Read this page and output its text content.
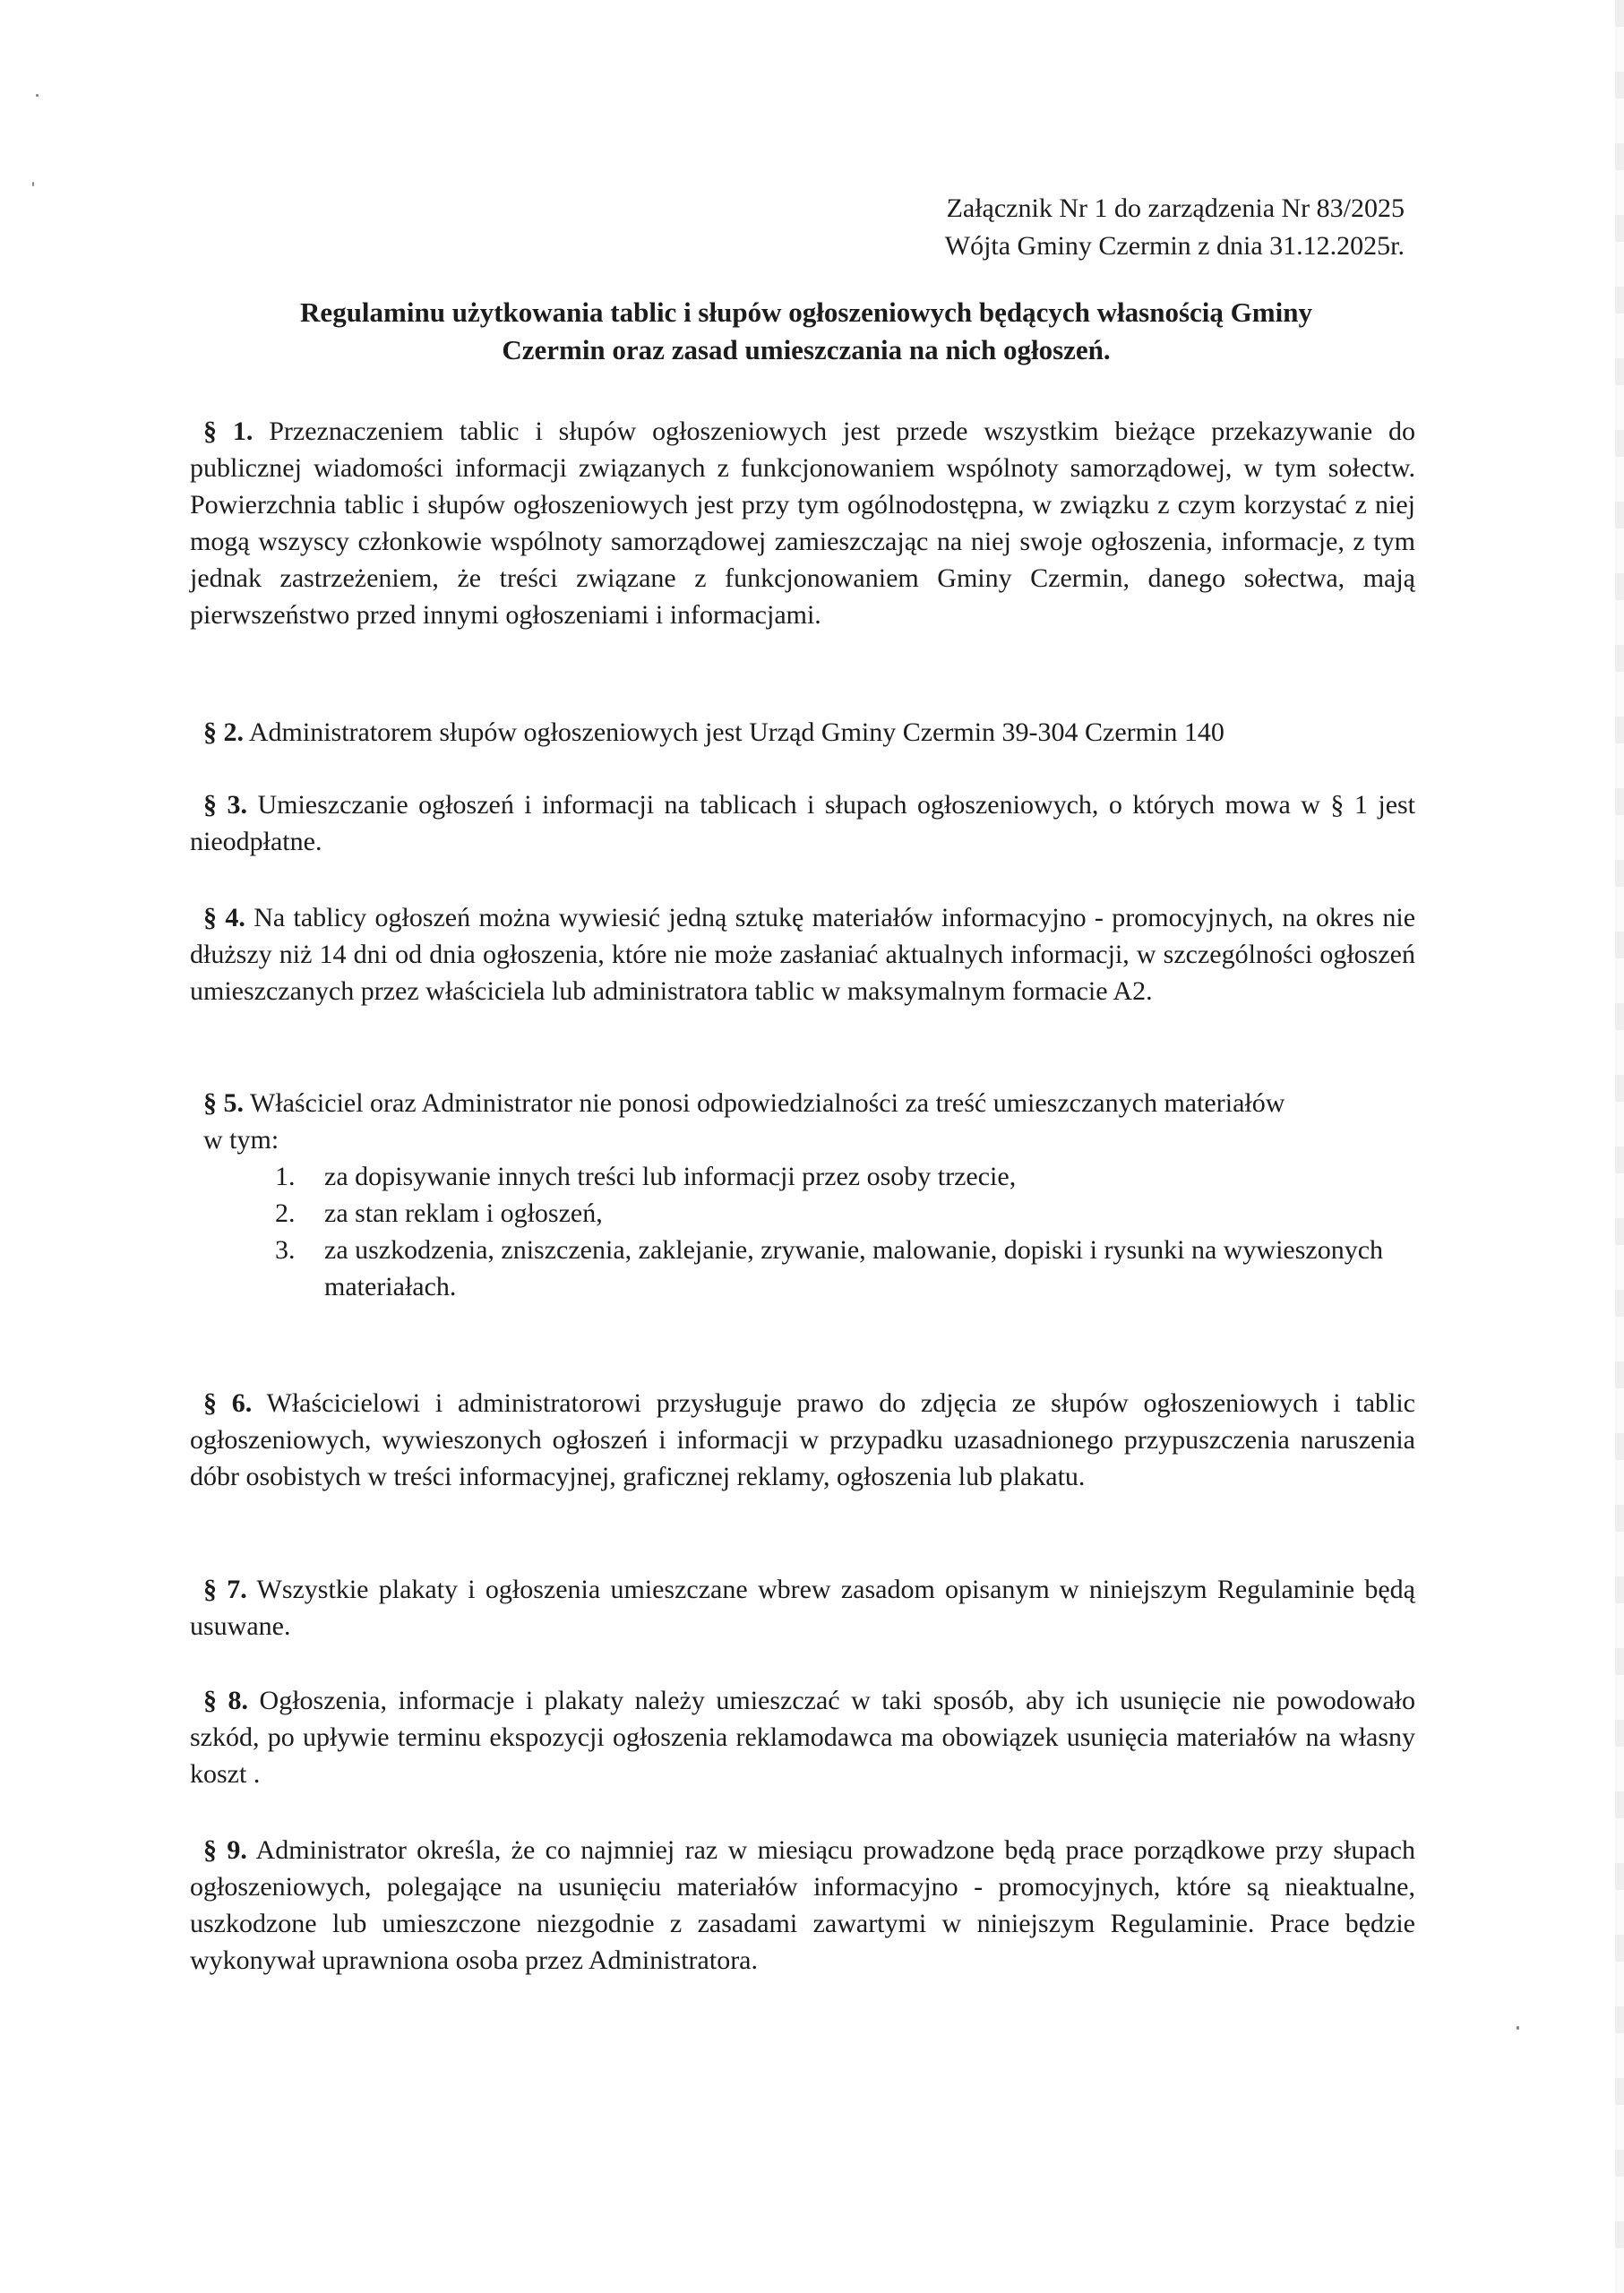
Załącznik Nr 1 do zarządzenia Nr 83/2025
Wójta Gminy Czermin z dnia 31.12.2025r.
Regulaminu użytkowania tablic i słupów ogłoszeniowych będących własnością Gminy
Czermin oraz zasad umieszczania na nich ogłoszeń.

§ 1. Przeznaczeniem tablic i słupów ogłoszeniowych jest przede wszystkim bieżące przekazywanie do publicznej wiadomości informacji związanych z funkcjonowaniem wspólnoty samorządowej, w tym sołectw. Powierzchnia tablic i słupów ogłoszeniowych jest przy tym ogólnodostępna, w związku z czym korzystać z niej mogą wszyscy członkowie wspólnoty samorządowej zamieszczając na niej swoje ogłoszenia, informacje, z tym jednak zastrzeżeniem, że treści związane z funkcjonowaniem Gminy Czermin, danego sołectwa, mają pierwszeństwo przed innymi ogłoszeniami i informacjami.

§ 2. Administratorem słupów ogłoszeniowych jest Urząd Gminy Czermin 39-304 Czermin 140

§ 3. Umieszczanie ogłoszeń i informacji na tablicach i słupach ogłoszeniowych, o których mowa w § 1 jest nieodpłatne.

§ 4. Na tablicy ogłoszeń można wywiesić jedną sztukę materiałów informacyjno - promocyjnych, na okres nie dłuższy niż 14 dni od dnia ogłoszenia, które nie może zasłaniać aktualnych informacji, w szczególności ogłoszeń umieszczanych przez właściciela lub administratora tablic w maksymalnym formacie A2.

§ 5. Właściciel oraz Administrator nie ponosi odpowiedzialności za treść umieszczanych materiałów

w tym:
1.	za dopisywanie innych treści lub informacji przez osoby trzecie,
2.	za stan reklam i ogłoszeń,
3.	za uszkodzenia, zniszczenia, zaklejanie, zrywanie, malowanie, dopiski i rysunki na wywieszonych materiałach.

§ 6. Właścicielowi i administratorowi przysługuje prawo do zdjęcia ze słupów ogłoszeniowych i tablic ogłoszeniowych, wywieszonych ogłoszeń i informacji w przypadku uzasadnionego przypuszczenia naruszenia dóbr osobistych w treści informacyjnej, graficznej reklamy, ogłoszenia lub plakatu.

§ 7. Wszystkie plakaty i ogłoszenia umieszczane wbrew zasadom opisanym w niniejszym Regulaminie będą usuwane.

§ 8. Ogłoszenia, informacje i plakaty należy umieszczać w taki sposób, aby ich usunięcie nie powodowało szkód, po upływie terminu ekspozycji ogłoszenia reklamodawca ma obowiązek usunięcia materiałów na własny koszt .

§ 9. Administrator określa, że co najmniej raz w miesiącu prowadzone będą prace porządkowe przy słupach ogłoszeniowych, polegające na usunięciu materiałów informacyjno - promocyjnych, które są nieaktualne, uszkodzone lub umieszczone niezgodnie z zasadami zawartymi w niniejszym Regulaminie. Prace będzie wykonywał uprawniona osoba przez Administratora.
